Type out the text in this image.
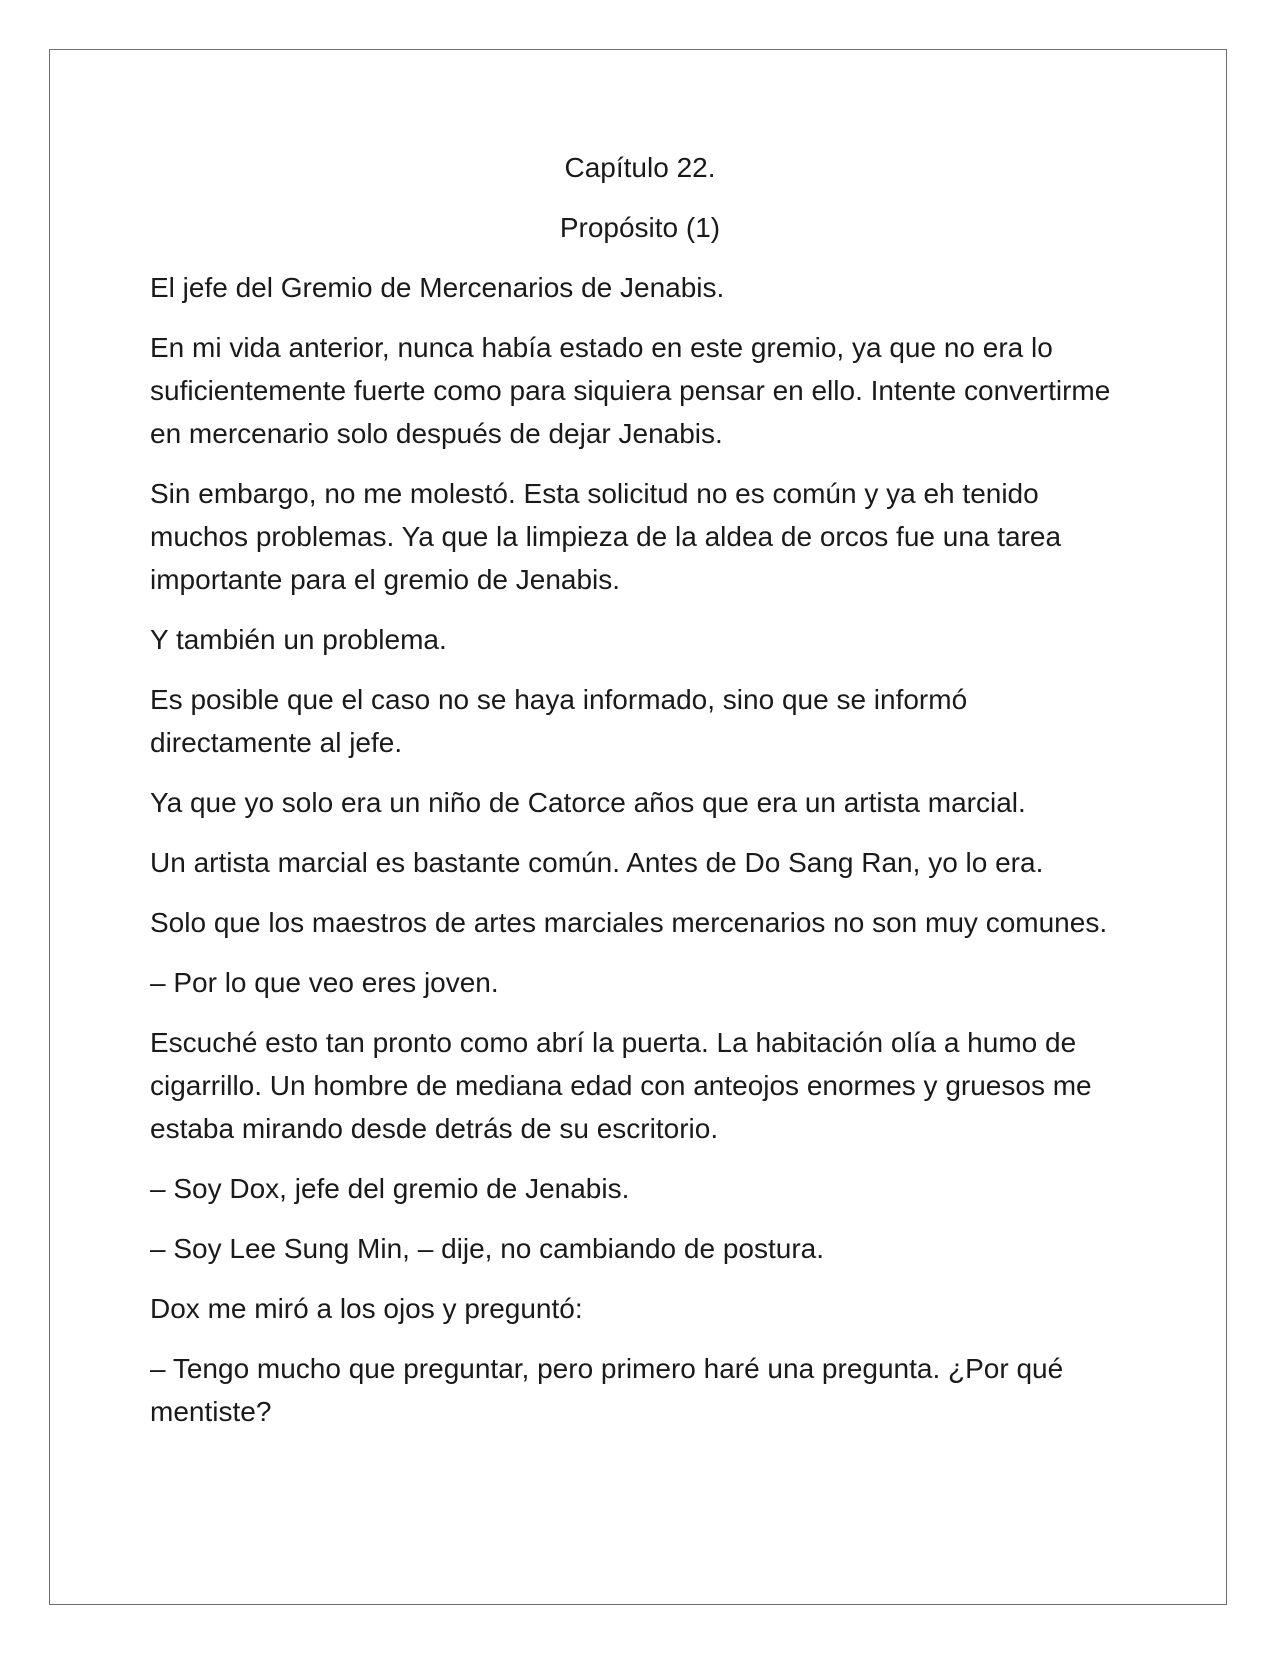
Capítulo 22.
Propósito (1)

El jefe del Gremio de Mercenarios de Jenabis.

En mi vida anterior, nunca había estado en este gremio, ya que no era lo suficientemente fuerte como para siquiera pensar en ello. Intente convertirme en mercenario solo después de dejar Jenabis.

Sin embargo, no me molestó. Esta solicitud no es común y ya eh tenido muchos problemas. Ya que la limpieza de la aldea de orcos fue una tarea importante para el gremio de Jenabis.

Y también un problema.

Es posible que el caso no se haya informado, sino que se informó directamente al jefe.

Ya que yo solo era un niño de Catorce años que era un artista marcial.

Un artista marcial es bastante común. Antes de Do Sang Ran, yo lo era.

Solo que los maestros de artes marciales mercenarios no son muy comunes.

– Por lo que veo eres joven.

Escuché esto tan pronto como abrí la puerta. La habitación olía a humo de cigarrillo. Un hombre de mediana edad con anteojos enormes y gruesos me estaba mirando desde detrás de su escritorio.

– Soy Dox, jefe del gremio de Jenabis.

– Soy Lee Sung Min, – dije, no cambiando de postura.

Dox me miró a los ojos y preguntó:

– Tengo mucho que preguntar, pero primero haré una pregunta. ¿Por qué mentiste?
